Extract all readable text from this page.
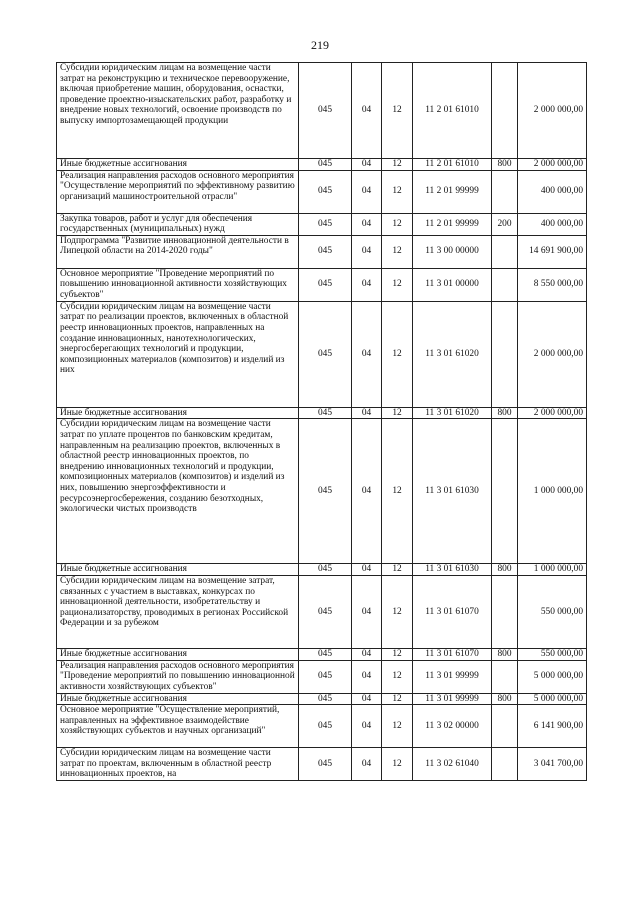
219
Субсидии юридическим лицам на возмещение части затрат на реконструкцию и техническое перевооружение, включая приобретение машин, оборудования, оснастки, проведение проектно-изыскательских работ, разработку и внедрение новых технологий, освоение производств по выпуску импортозамещающей продукции	045	04	12	11 2 01 61010		2 000 000,00
Иные бюджетные ассигнования	045	04	12	11 2 01 61010	800	2 000 000,00
Реализация направления расходов основного мероприятия "Осуществление мероприятий по эффективному развитию организаций машиностроительной отрасли"	045	04	12	11 2 01 99999		400 000,00
Закупка товаров, работ и услуг для обеспечения государственных (муниципальных) нужд	045	04	12	11 2 01 99999	200	400 000,00
Подпрограмма "Развитие инновационной деятельности в Липецкой области на 2014-2020 годы"	045	04	12	11 3 00 00000		14 691 900,00
Основное мероприятие "Проведение мероприятий по повышению инновационной активности хозяйствующих субъектов"	045	04	12	11 3 01 00000		8 550 000,00
Субсидии юридическим лицам на возмещение части затрат по реализации проектов, включенных в областной реестр инновационных проектов, направленных на создание инновационных, нанотехнологических, энергосберегающих технологий и продукции, композиционных материалов (композитов) и изделий из них	045	04	12	11 3 01 61020		2 000 000,00
Иные бюджетные ассигнования	045	04	12	11 3 01 61020	800	2 000 000,00
Субсидии юридическим лицам на возмещение части затрат по уплате процентов по банковским кредитам, направленным на реализацию проектов, включенных в областной реестр инновационных проектов, по внедрению инновационных технологий и продукции, композиционных материалов (композитов) и изделий из них, повышению энергоэффективности и ресурсоэнергосбережения, созданию безотходных, экологически чистых производств	045	04	12	11 3 01 61030		1 000 000,00
Иные бюджетные ассигнования	045	04	12	11 3 01 61030	800	1 000 000,00
Субсидии юридическим лицам на возмещение затрат, связанных с участием в выставках, конкурсах по инновационной деятельности, изобретательству и рационализаторству, проводимых в регионах Российской Федерации и за рубежом	045	04	12	11 3 01 61070		550 000,00
Иные бюджетные ассигнования	045	04	12	11 3 01 61070	800	550 000,00
Реализация направления расходов основного мероприятия "Проведение мероприятий по повышению инновационной активности хозяйствующих субъектов"	045	04	12	11 3 01 99999		5 000 000,00
Иные бюджетные ассигнования	045	04	12	11 3 01 99999	800	5 000 000,00
Основное мероприятие "Осуществление мероприятий, направленных на эффективное взаимодействие хозяйствующих субъектов и научных организаций"	045	04	12	11 3 02 00000		6 141 900,00
Субсидии юридическим лицам на возмещение части затрат по проектам, включенным в областной реестр инновационных проектов, на	045	04	12	11 3 02 61040		3 041 700,00
